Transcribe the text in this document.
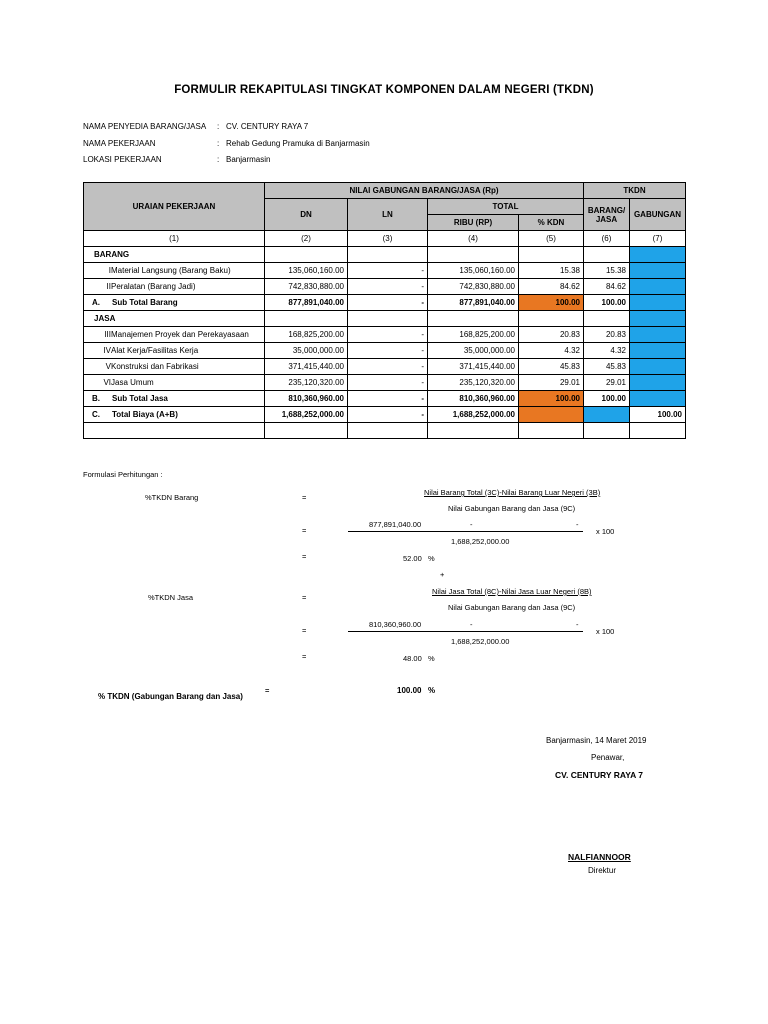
FORMULIR REKAPITULASI TINGKAT KOMPONEN DALAM NEGERI (TKDN)
NAMA PENYEDIA BARANG/JASA : CV. CENTURY RAYA 7
NAMA PEKERJAAN	: Rehab Gedung Pramuka di Banjarmasin
LOKASI PEKERJAAN	: Banjarmasin
URAIAN PEKERJAAN	NILAI GABUNGAN BARANG/JASA (Rp)				TKDN	
	DN	LN	TOTAL		BARANG/JASA	GABUNGAN
			RIBU (RP)	% KDN		
(1)	(2)	(3)	(4)	(5)	(6)	(7)
BARANG						
IMaterial Langsung (Barang Baku)	135,060,160.00	-	135,060,160.00	15.38	15.38	
IIPeralatan (Barang Jadi)	742,830,880.00	-	742,830,880.00	84.62	84.62	
A. Sub Total Barang	877,891,040.00	-	877,891,040.00	100.00	100.00	
JASA						
IIIManajemen Proyek dan Perekayasaan	168,825,200.00	-	168,825,200.00	20.83	20.83	
IVAlat Kerja/Fasilitas Kerja	35,000,000.00	-	35,000,000.00	4.32	4.32	
VKonstruksi dan Fabrikasi	371,415,440.00	-	371,415,440.00	45.83	45.83	
VIJasa Umum	235,120,320.00	-	235,120,320.00	29.01	29.01	
B. Sub Total Jasa	810,360,960.00	-	810,360,960.00	100.00	100.00	
C. Total Biaya (A+B)	1,688,252,000.00	-	1,688,252,000.00			100.00

Formulasi Perhitungan :
%TKDN Barang	=
Nilai Barang Total (3C)-Nilai Barang Luar Negeri (3B)
Nilai Gabungan Barang dan Jasa (9C)
=
877,891,040.00	-	-
x 100
1,688,252,000.00
=	52.00 %
+
%TKDN Jasa	=
Nilai Jasa Total (8C)-Nilai Jasa Luar Negeri (8B)
Nilai Gabungan Barang dan Jasa (9C)
=
810,360,960.00	-	-
x 100
1,688,252,000.00
=	48.00 %
% TKDN (Gabungan Barang dan Jasa)
=	100.00 %
Banjarmasin, 14 Maret 2019
Penawar,
CV. CENTURY RAYA 7
NALFIANNOOR
Direktur
